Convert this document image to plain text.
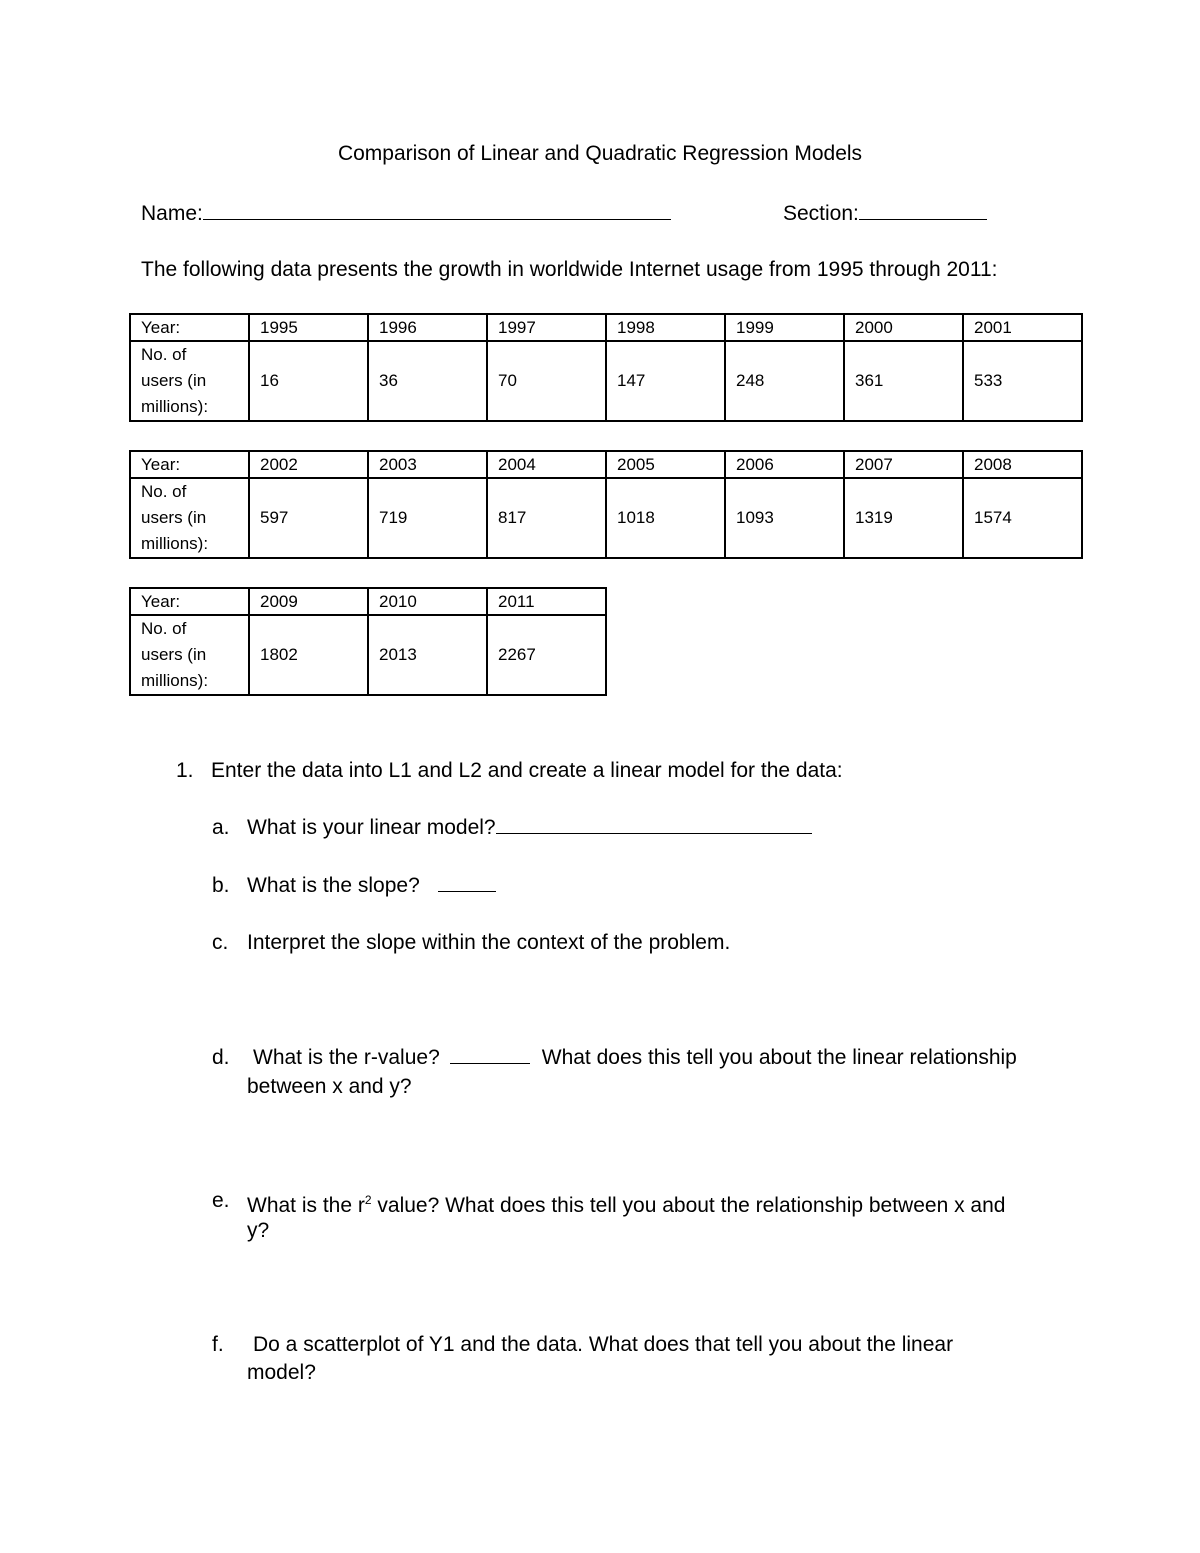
Comparison of Linear and Quadratic Regression Models
Name:	Section:
The following data presents the growth in worldwide Internet usage from 1995 through 2011:
Year:	1995	1996	1997	1998	1999	2000	2001
No. of
users (in
millions):	16	36	70	147	248	361	533
Year:	2002	2003	2004	2005	2006	2007	2008
No. of
users (in
millions):	597	719	817	1018	1093	1319	1574
Year:	2009	2010	2011
No. of
users (in
millions):	1802	2013	2267
1. Enter the data into L1 and L2 and create a linear model for the data:
a. What is your linear model?
b. What is the slope?
c. Interpret the slope within the context of the problem.
d. What is the r-value?	What does this tell you about the linear relationship
between x and y?
e. What is the $r^2$ value? What does this tell you about the relationship between x and
y?
f. Do a scatterplot of Y1 and the data. What does that tell you about the linear
model?
